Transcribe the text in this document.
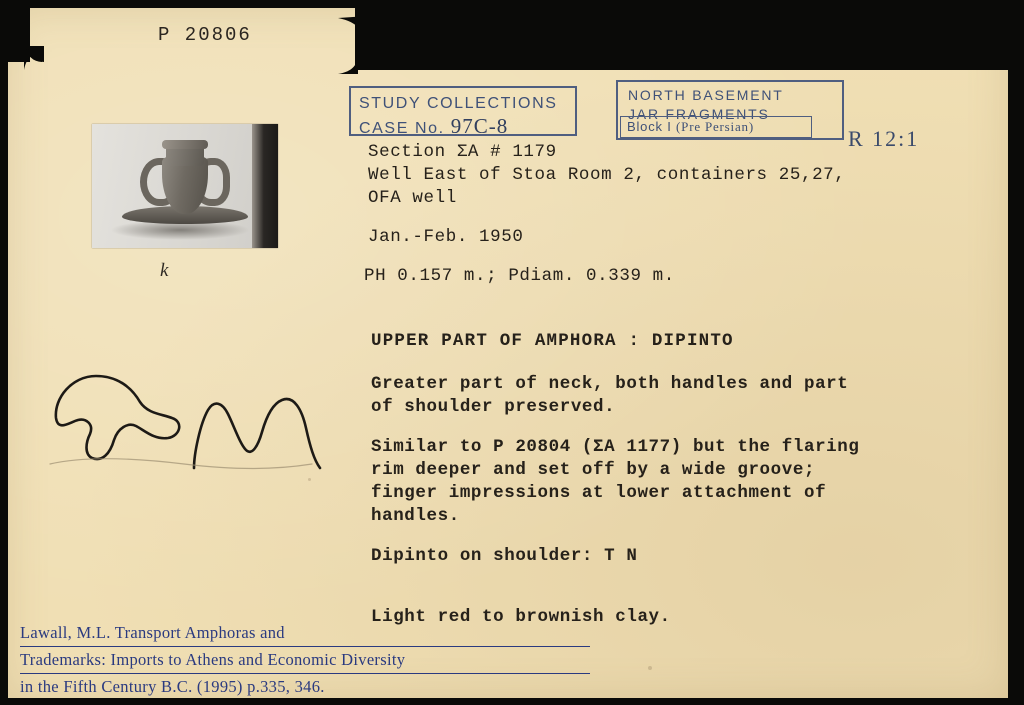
P 20806
k
STUDY COLLECTIONS
CASE No. 97C-8
NORTH BASEMENT
JAR FRAGMENTS
Block I (Pre Persian)	R 12:1
Section ΣA # 1179
Well East of Stoa Room 2, containers 25,27,
OFA well
Jan.-Feb. 1950
PH 0.157 m.; Pdiam. 0.339 m.
UPPER PART OF AMPHORA : DIPINTO
Greater part of neck, both handles and part
of shoulder preserved.
Similar to P 20804 (ΣA 1177) but the flaring
rim deeper and set off by a wide groove;
finger impressions at lower attachment of
handles.
Dipinto on shoulder: T N
Light red to brownish clay.
Lawall, M.L. Transport Amphoras and
Trademarks: Imports to Athens and Economic Diversity
in the Fifth Century B.C. (1995) p.335, 346.
